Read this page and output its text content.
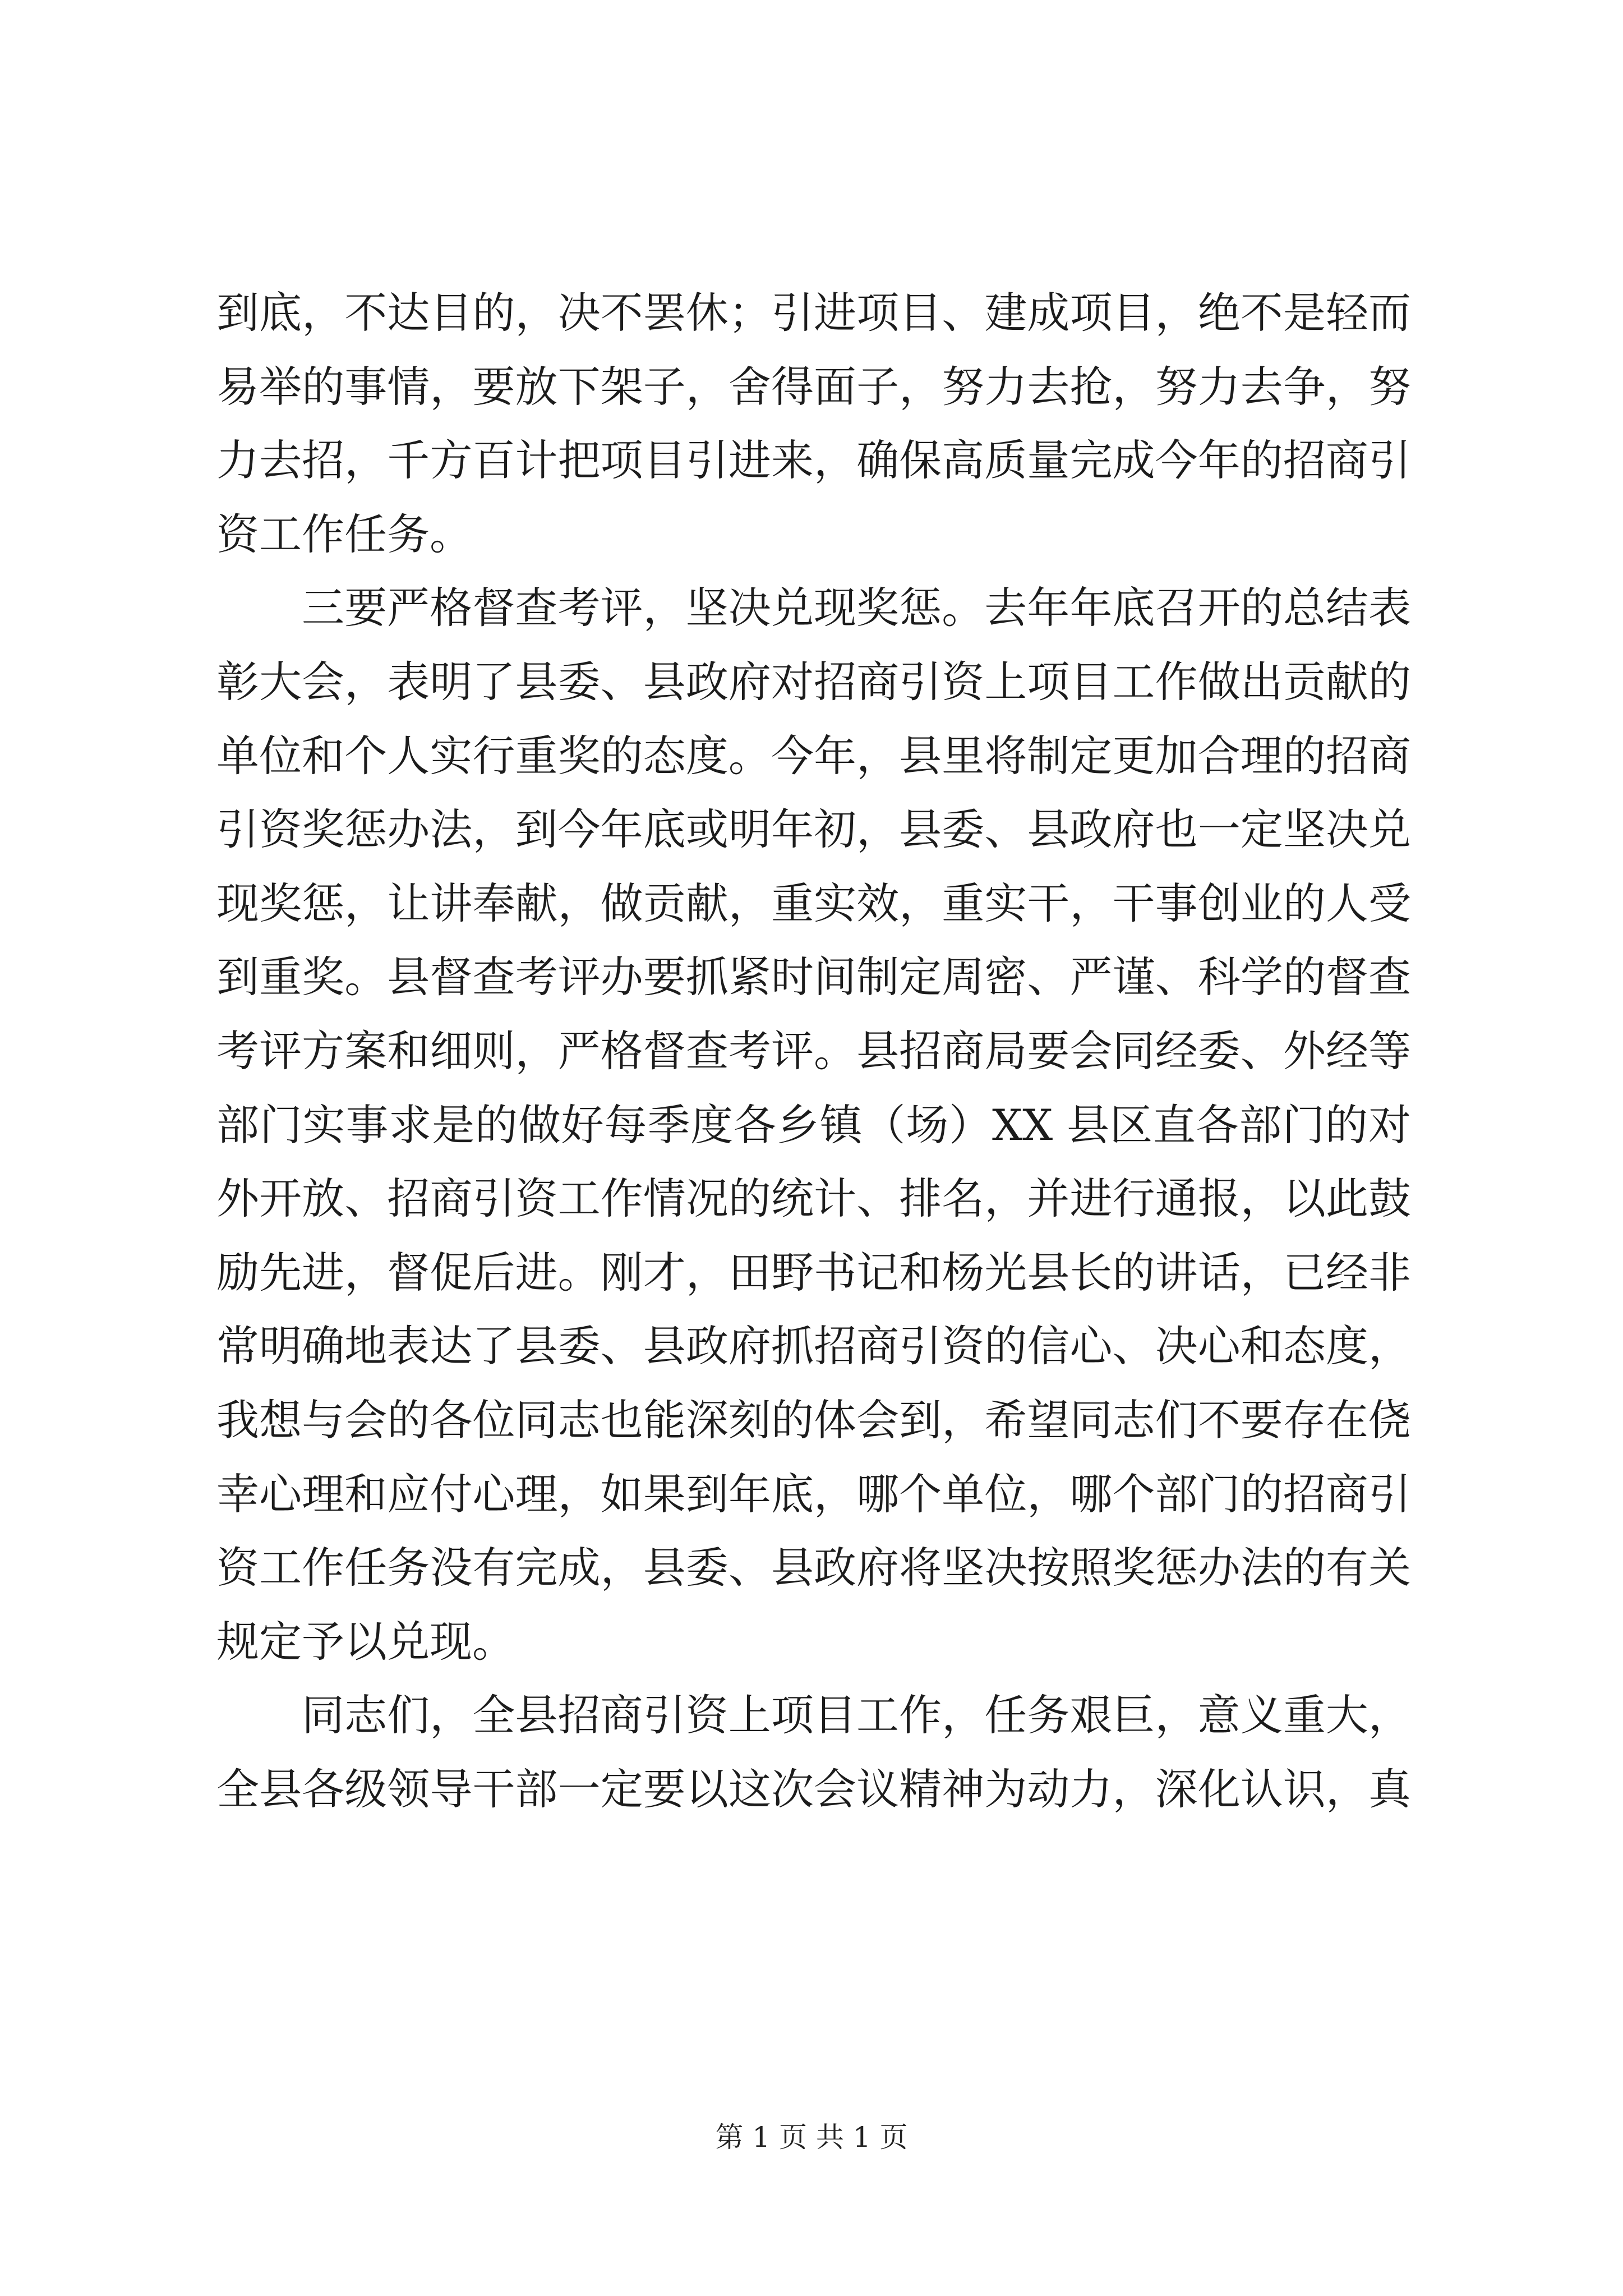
到底，不达目的，决不罢休；引进项目、建成项目，绝不是轻而
易举的事情，要放下架子，舍得面子，努力去抢，努力去争，努
力去招，千方百计把项目引进来，确保高质量完成今年的招商引
资工作任务。
三要严格督查考评，坚决兑现奖惩。去年年底召开的总结表
彰大会，表明了县委、县政府对招商引资上项目工作做出贡献的
单位和个人实行重奖的态度。今年，县里将制定更加合理的招商
引资奖惩办法，到今年底或明年初，县委、县政府也一定坚决兑
现奖惩，让讲奉献，做贡献，重实效，重实干，干事创业的人受
到重奖。县督查考评办要抓紧时间制定周密、严谨、科学的督查
考评方案和细则，严格督查考评。县招商局要会同经委、外经等
部门实事求是的做好每季度各乡镇（场）XX 县区直各部门的对
外开放、招商引资工作情况的统计、排名，并进行通报，以此鼓
励先进，督促后进。刚才，田野书记和杨光县长的讲话，已经非
常明确地表达了县委、县政府抓招商引资的信心、决心和态度，
我想与会的各位同志也能深刻的体会到，希望同志们不要存在侥
幸心理和应付心理，如果到年底，哪个单位，哪个部门的招商引
资工作任务没有完成，县委、县政府将坚决按照奖惩办法的有关
规定予以兑现。
同志们，全县招商引资上项目工作，任务艰巨，意义重大，
全县各级领导干部一定要以这次会议精神为动力，深化认识，真
第 1 页 共 1 页
